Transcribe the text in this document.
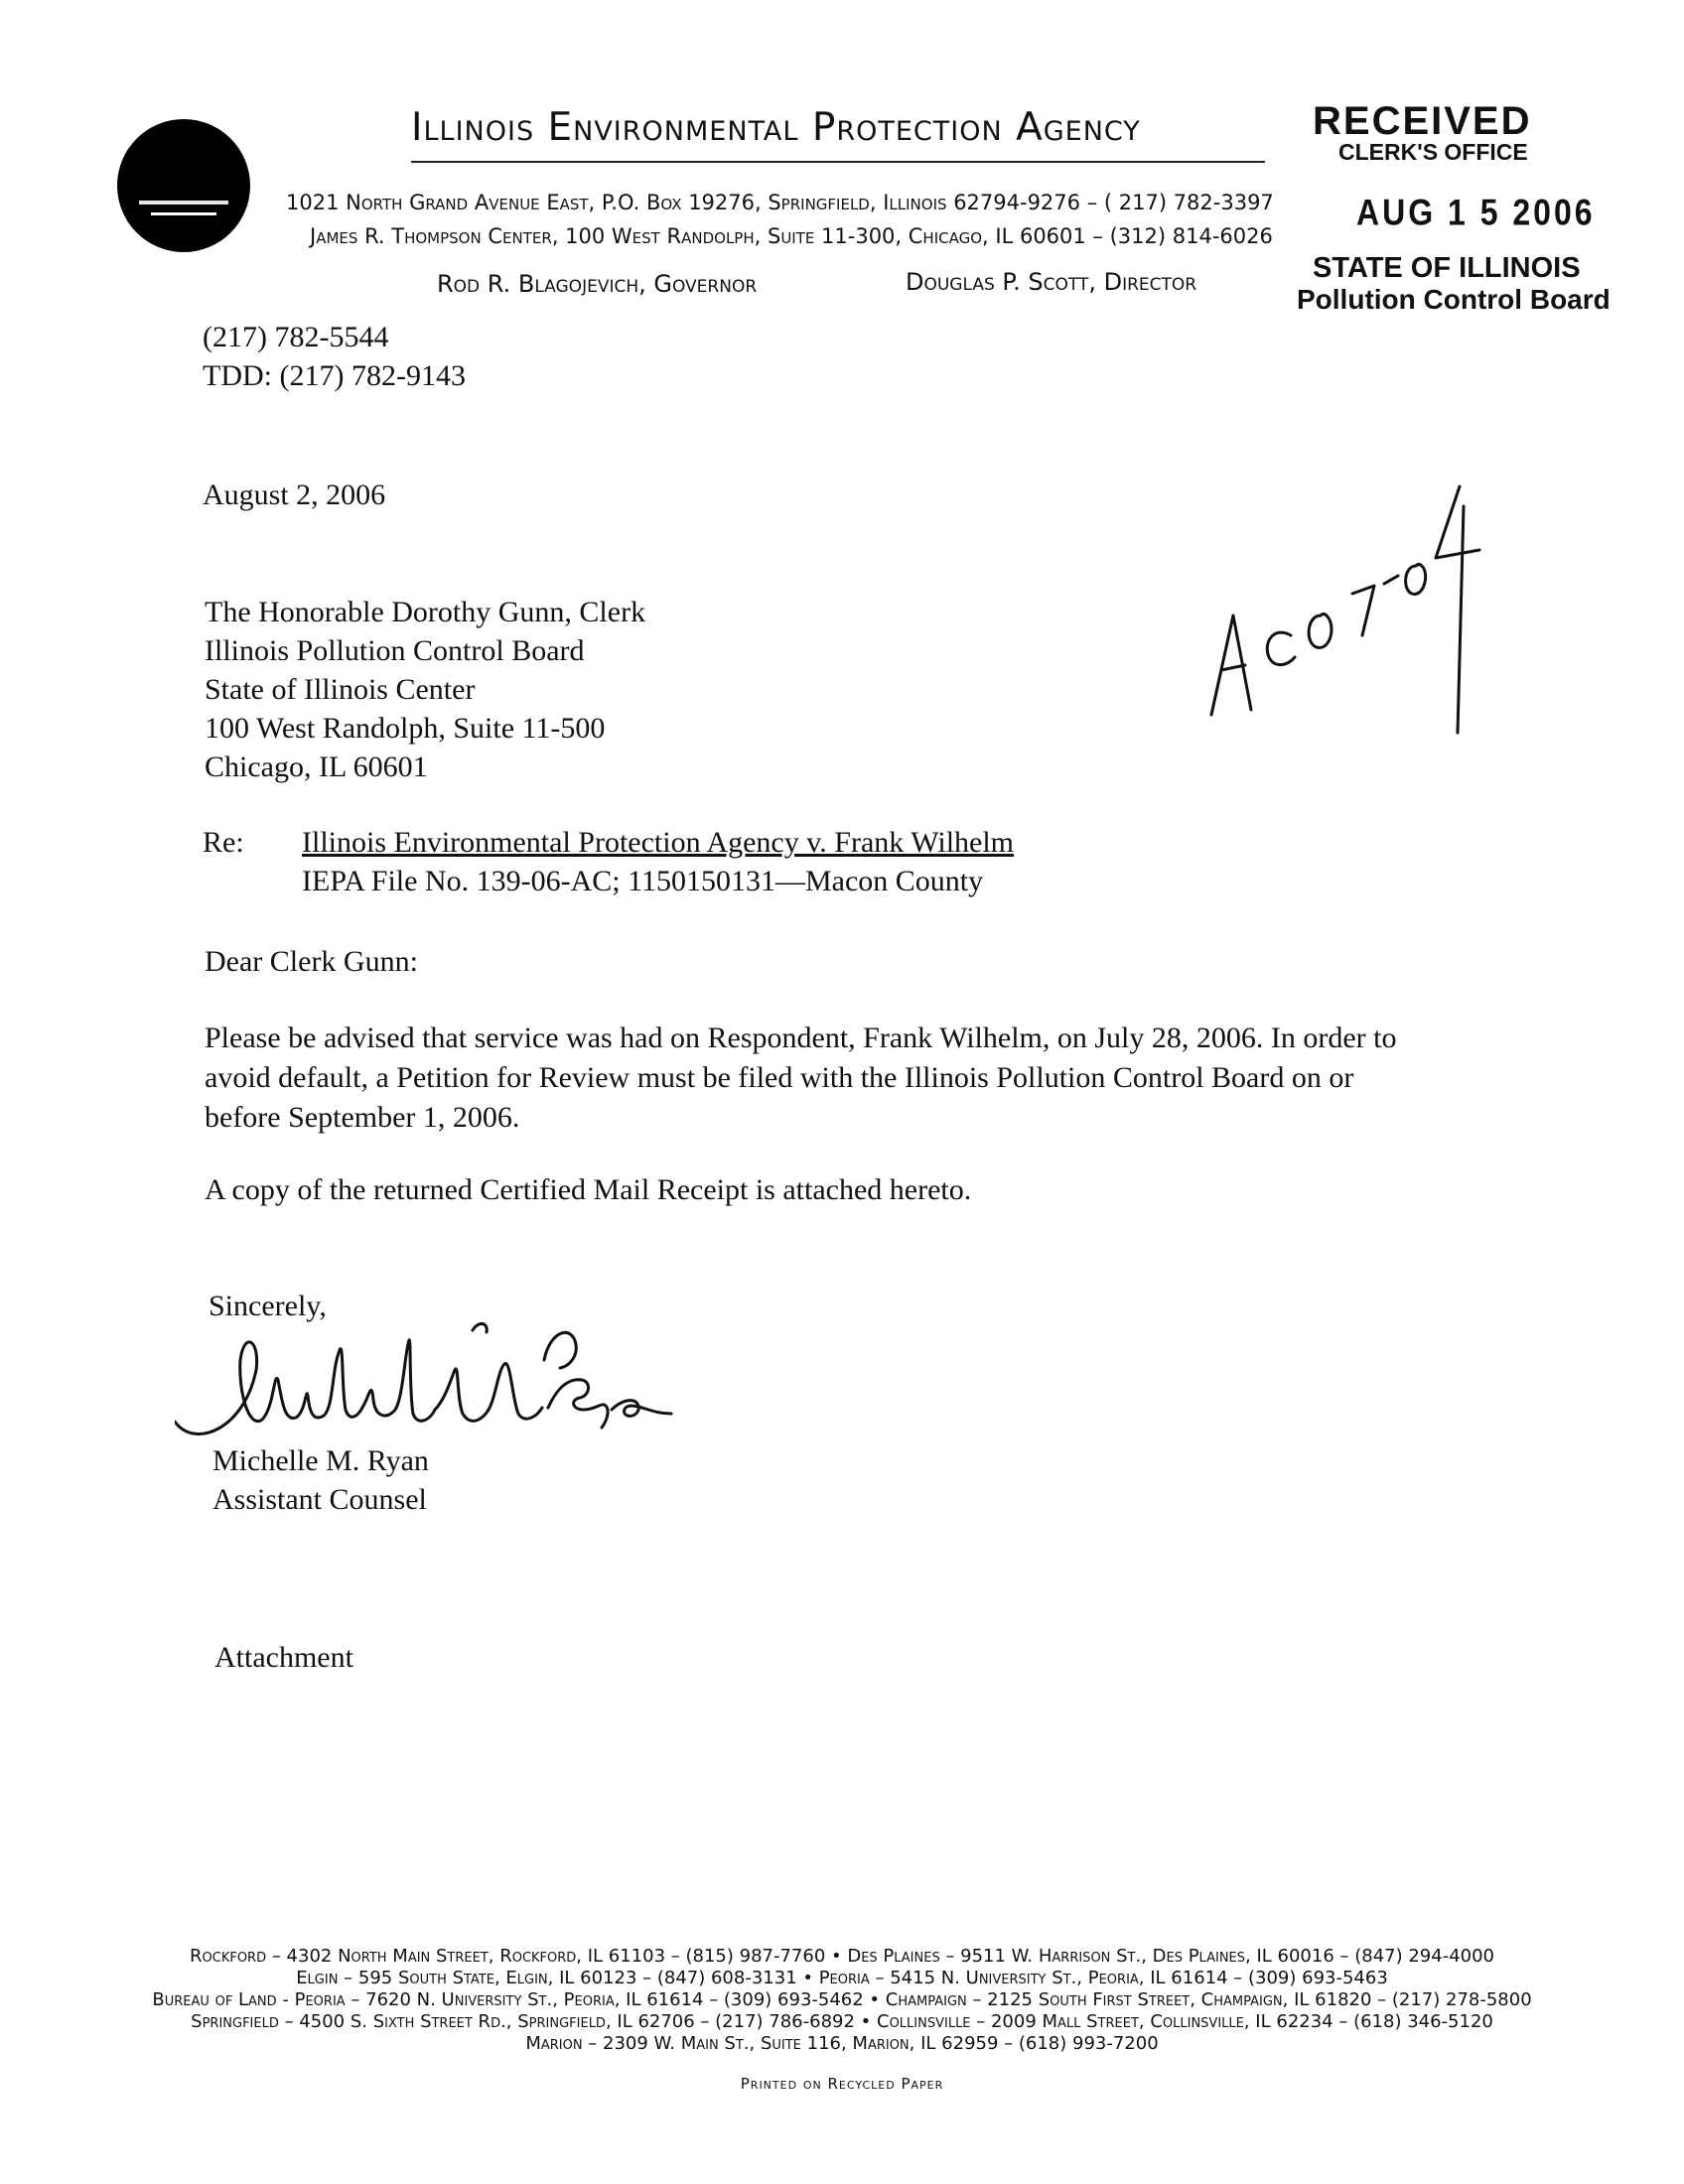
Illinois Environmental Protection Agency
1021 North Grand Avenue East, P.O. Box 19276, Springfield, Illinois 62794-9276 – ( 217) 782-3397
James R. Thompson Center, 100 West Randolph, Suite 11-300, Chicago, IL 60601 – (312) 814-6026
Rod R. Blagojevich, Governor	Douglas P. Scott, Director
RECEIVED
CLERK'S OFFICE
AUG 1 5 2006
STATE OF ILLINOIS
Pollution Control Board
(217) 782-5544
TDD: (217) 782-9143
August 2, 2006
The Honorable Dorothy Gunn, Clerk
Illinois Pollution Control Board
State of Illinois Center
100 West Randolph, Suite 11-500
Chicago, IL 60601
Re: Illinois Environmental Protection Agency v. Frank Wilhelm
IEPA File No. 139-06-AC; 1150150131—Macon County
Dear Clerk Gunn:
Please be advised that service was had on Respondent, Frank Wilhelm, on July 28, 2006. In order to
avoid default, a Petition for Review must be filed with the Illinois Pollution Control Board on or
before September 1, 2006.
A copy of the returned Certified Mail Receipt is attached hereto.
Sincerely,
Michelle M. Ryan
Assistant Counsel
Attachment
Rockford – 4302 North Main Street, Rockford, IL 61103 – (815) 987-7760 • Des Plaines – 9511 W. Harrison St., Des Plaines, IL 60016 – (847) 294-4000
Elgin – 595 South State, Elgin, IL 60123 – (847) 608-3131 • Peoria – 5415 N. University St., Peoria, IL 61614 – (309) 693-5463
Bureau of Land - Peoria – 7620 N. University St., Peoria, IL 61614 – (309) 693-5462 • Champaign – 2125 South First Street, Champaign, IL 61820 – (217) 278-5800
Springfield – 4500 S. Sixth Street Rd., Springfield, IL 62706 – (217) 786-6892 • Collinsville – 2009 Mall Street, Collinsville, IL 62234 – (618) 346-5120
Marion – 2309 W. Main St., Suite 116, Marion, IL 62959 – (618) 993-7200
Printed on Recycled Paper
